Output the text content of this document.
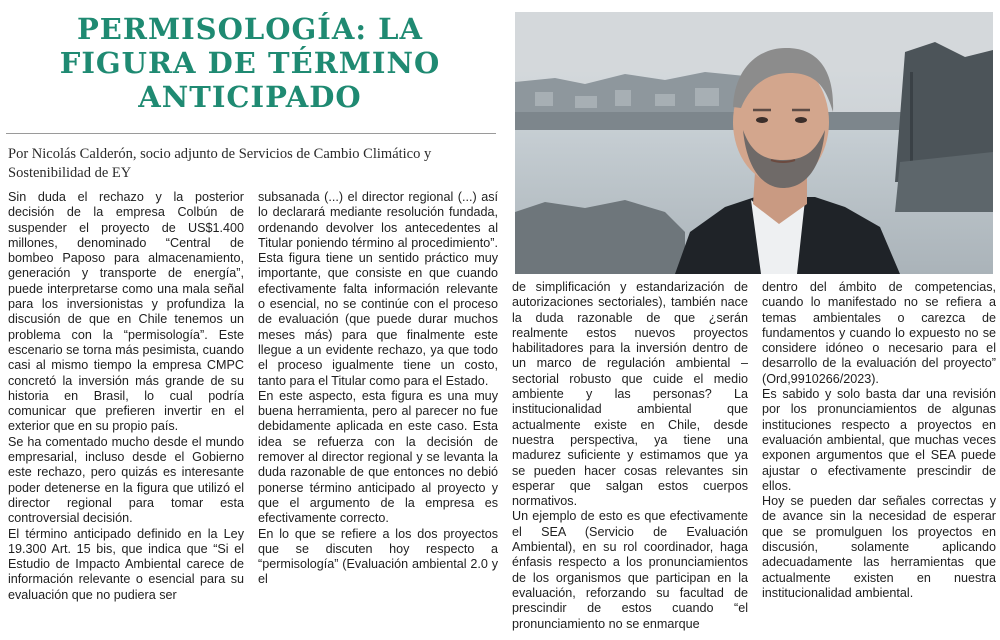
PERMISOLOGÍA: LA
FIGURA DE TÉRMINO
ANTICIPADO
Por Nicolás Calderón, socio adjunto de Servicios de Cambio Climático y Sostenibilidad de EY

Sin duda el rechazo y la posterior decisión de la empresa Colbún de suspender el proyecto de US$1.400 millones, denominado “Central de bombeo Paposo para almacenamiento, generación y transporte de energía”, puede interpretarse como una mala señal para los inversionistas y profundiza la discusión de que en Chile tenemos un problema con la “permisología”. Este escenario se torna más pesimista, cuando casi al mismo tiempo la empresa CMPC concretó la inversión más grande de su historia en Brasil, lo cual podría comunicar que prefieren invertir en el exterior que en su propio país.

Se ha comentado mucho desde el mundo empresarial, incluso desde el Gobierno este rechazo, pero quizás es interesante poder detenerse en la figura que utilizó el director regional para tomar esta controversial decisión.

El término anticipado definido en la Ley 19.300 Art. 15 bis, que indica que “Si el Estudio de Impacto Ambiental carece de información relevante o esencial para su evaluación que no pudiera ser

subsanada (...) el director regional (...) así lo declarará mediante resolución fundada, ordenando devolver los antecedentes al Titular poniendo término al procedimiento”. Esta figura tiene un sentido práctico muy importante, que consiste en que cuando efectivamente falta información relevante o esencial, no se continúe con el proceso de evaluación (que puede durar muchos meses más) para que finalmente este llegue a un evidente rechazo, ya que todo el proceso igualmente tiene un costo, tanto para el Titular como para el Estado.

En este aspecto, esta figura es una muy buena herramienta, pero al parecer no fue debidamente aplicada en este caso. Esta idea se refuerza con la decisión de remover al director regional y se levanta la duda razonable de que entonces no debió ponerse término anticipado al proyecto y que el argumento de la empresa es efectivamente correcto.

En lo que se refiere a los dos proyectos que se discuten hoy respecto a “permisología” (Evaluación ambiental 2.0 y el

de simplificación y estandarización de autorizaciones sectoriales), también nace la duda razonable de que ¿serán realmente estos nuevos proyectos habilitadores para la inversión dentro de un marco de regulación ambiental – sectorial robusto que cuide el medio ambiente y las personas? La institucionalidad ambiental que actualmente existe en Chile, desde nuestra perspectiva, ya tiene una madurez suficiente y estimamos que ya se pueden hacer cosas relevantes sin esperar que salgan estos cuerpos normativos.

Un ejemplo de esto es que efectivamente el SEA (Servicio de Evaluación Ambiental), en su rol coordinador, haga énfasis respecto a los pronunciamientos de los organismos que participan en la evaluación, reforzando su facultad de prescindir de estos cuando “el pronunciamiento no se enmarque

dentro del ámbito de competencias, cuando lo manifestado no se refiera a temas ambientales o carezca de fundamentos y cuando lo expuesto no se considere idóneo o necesario para el desarrollo de la evaluación del proyecto” (Ord,9910266/2023).

Es sabido y solo basta dar una revisión por los pronunciamientos de algunas instituciones respecto a proyectos en evaluación ambiental, que muchas veces exponen argumentos que el SEA puede ajustar o efectivamente prescindir de ellos.

Hoy se pueden dar señales correctas y de avance sin la necesidad de esperar que se promulguen los proyectos en discusión, solamente aplicando adecuadamente las herramientas que actualmente existen en nuestra institucionalidad ambiental.
